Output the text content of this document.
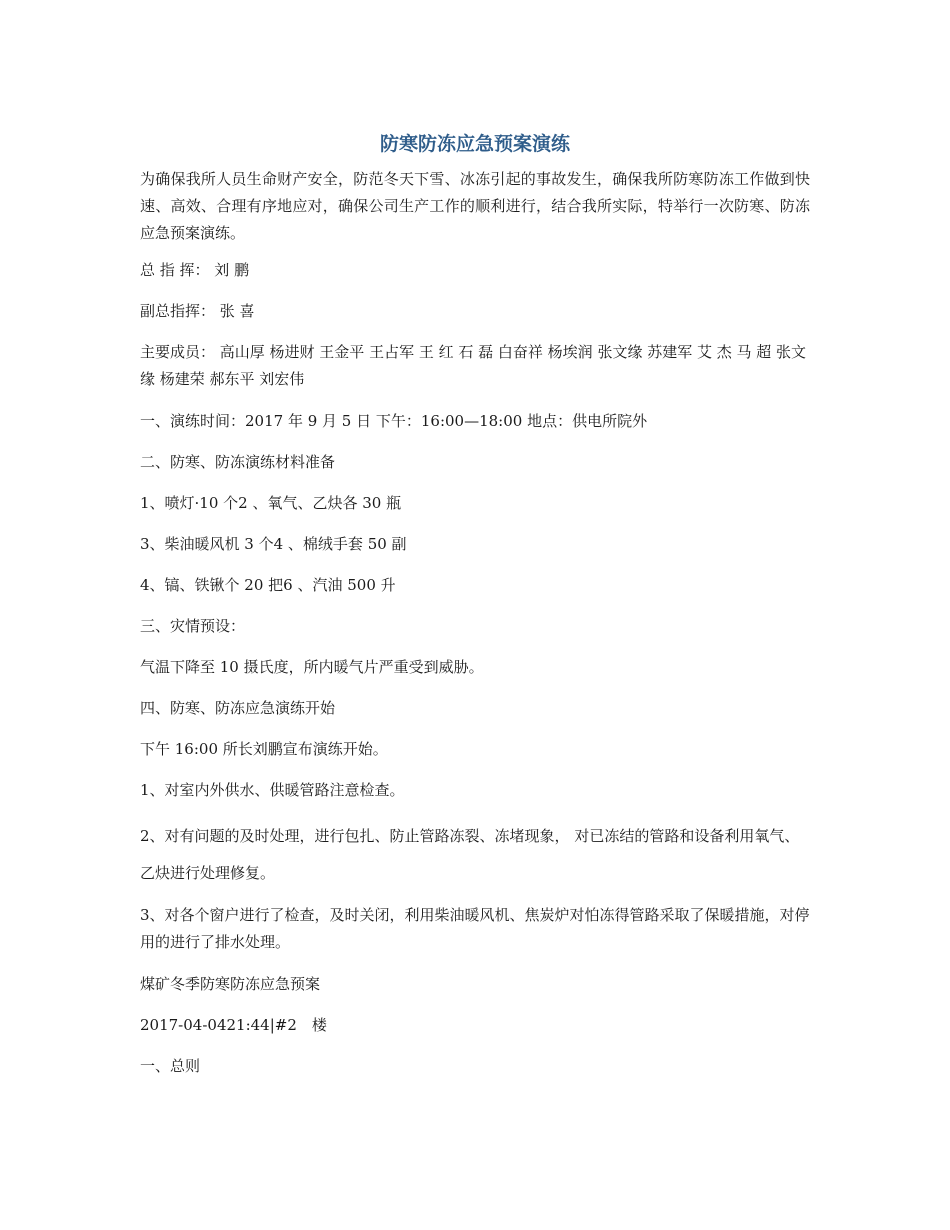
防寒防冻应急预案演练

为确保我所人员生命财产安全，防范冬天下雪、冰冻引起的事故发生，确保我所防寒防冻工作做到快速、高效、合理有序地应对，确保公司生产工作的顺利进行，结合我所实际，特举行一次防寒、防冻应急预案演练。

总 指 挥： 刘 鹏

副总指挥： 张 喜

主要成员： 高山厚 杨进财 王金平 王占军 王 红 石 磊 白奋祥 杨埃润 张文缘 苏建军 艾 杰 马 超 张文缘 杨建荣 郝东平 刘宏伟

一、演练时间：2017 年 9 月 5 日 下午：16:00—18:00 地点：供电所院外

二、防寒、防冻演练材料准备

1、喷灯·10 个2 、氧气、乙炔各 30 瓶

3、柴油暖风机 3 个4 、棉绒手套 50 副

4、镐、铁锹个 20 把6 、汽油 500 升

三、灾情预设：

气温下降至 10 摄氏度，所内暖气片严重受到威胁。

四、防寒、防冻应急演练开始

下午 16:00 所长刘鹏宣布演练开始。

1、对室内外供水、供暖管路注意检查。

2、对有问题的及时处理，进行包扎、防止管路冻裂、冻堵现象， 对已冻结的管路和设备利用氧气、乙炔进行处理修复。

3、对各个窗户进行了检查，及时关闭，利用柴油暖风机、焦炭炉对怕冻得管路采取了保暖措施，对停用的进行了排水处理。

煤矿冬季防寒防冻应急预案

2017-04-0421:44|#2　楼

一、总则
